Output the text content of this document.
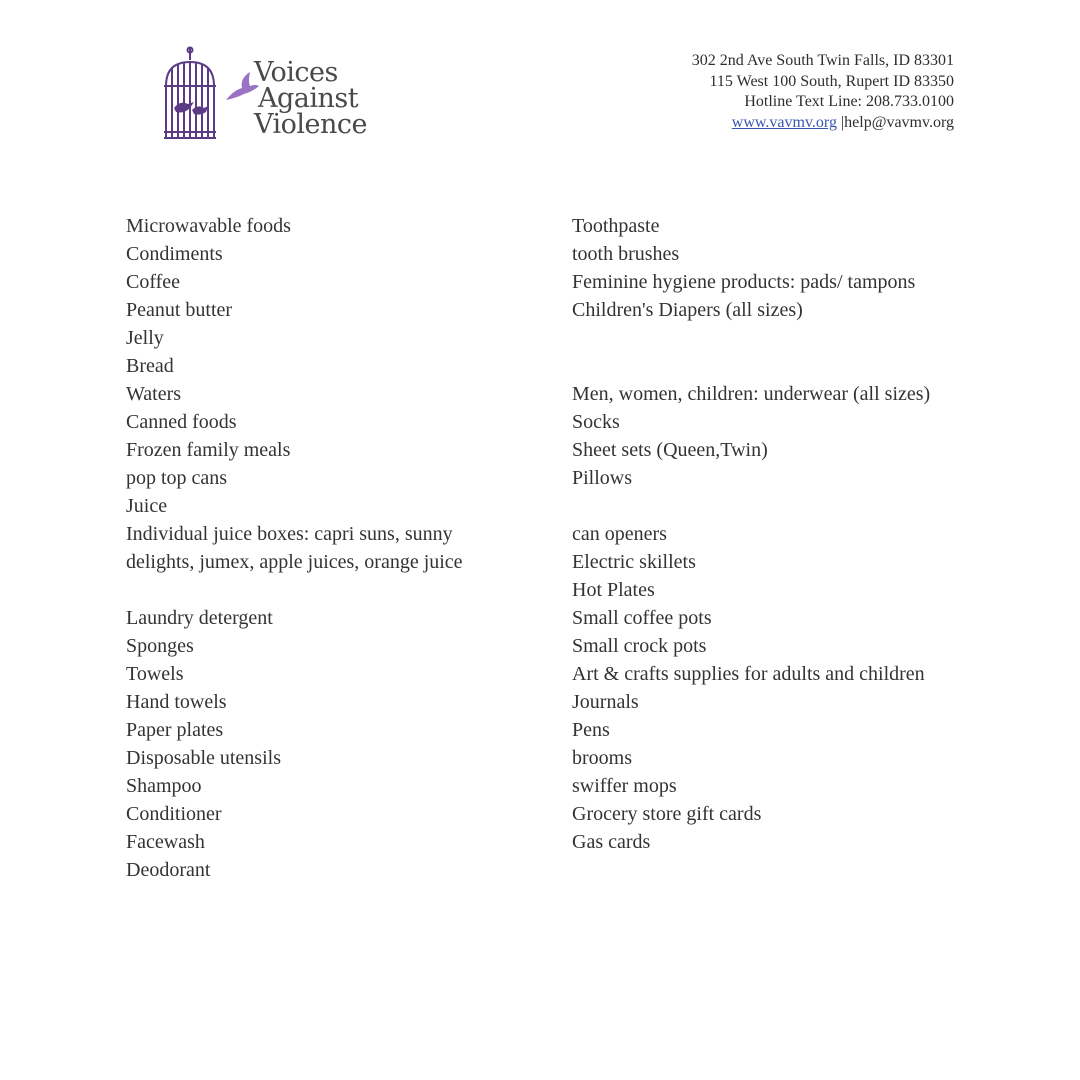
Voices
Against
Violence
302 2nd Ave South Twin Falls, ID 83301
115 West 100 South, Rupert ID 83350
Hotline Text Line: 208.733.0100
www.vavmv.org |help@vavmv.org
Microwavable foods
Condiments
Coffee
Peanut butter
Jelly
Bread
Waters
Canned foods
Frozen family meals
pop top cans
Juice
Individual juice boxes: capri suns, sunny
delights, jumex, apple juices, orange juice
Laundry detergent
Sponges
Towels
Hand towels
Paper plates
Disposable utensils
Shampoo
Conditioner
Facewash
Deodorant
Toothpaste
tooth brushes
Feminine hygiene products: pads/ tampons
Children's Diapers (all sizes)
Men, women, children: underwear (all sizes)
Socks
Sheet sets (Queen,Twin)
Pillows
can openers
Electric skillets
Hot Plates
Small coffee pots
Small crock pots
Art & crafts supplies for adults and children
Journals
Pens
brooms
swiffer mops
Grocery store gift cards
Gas cards
